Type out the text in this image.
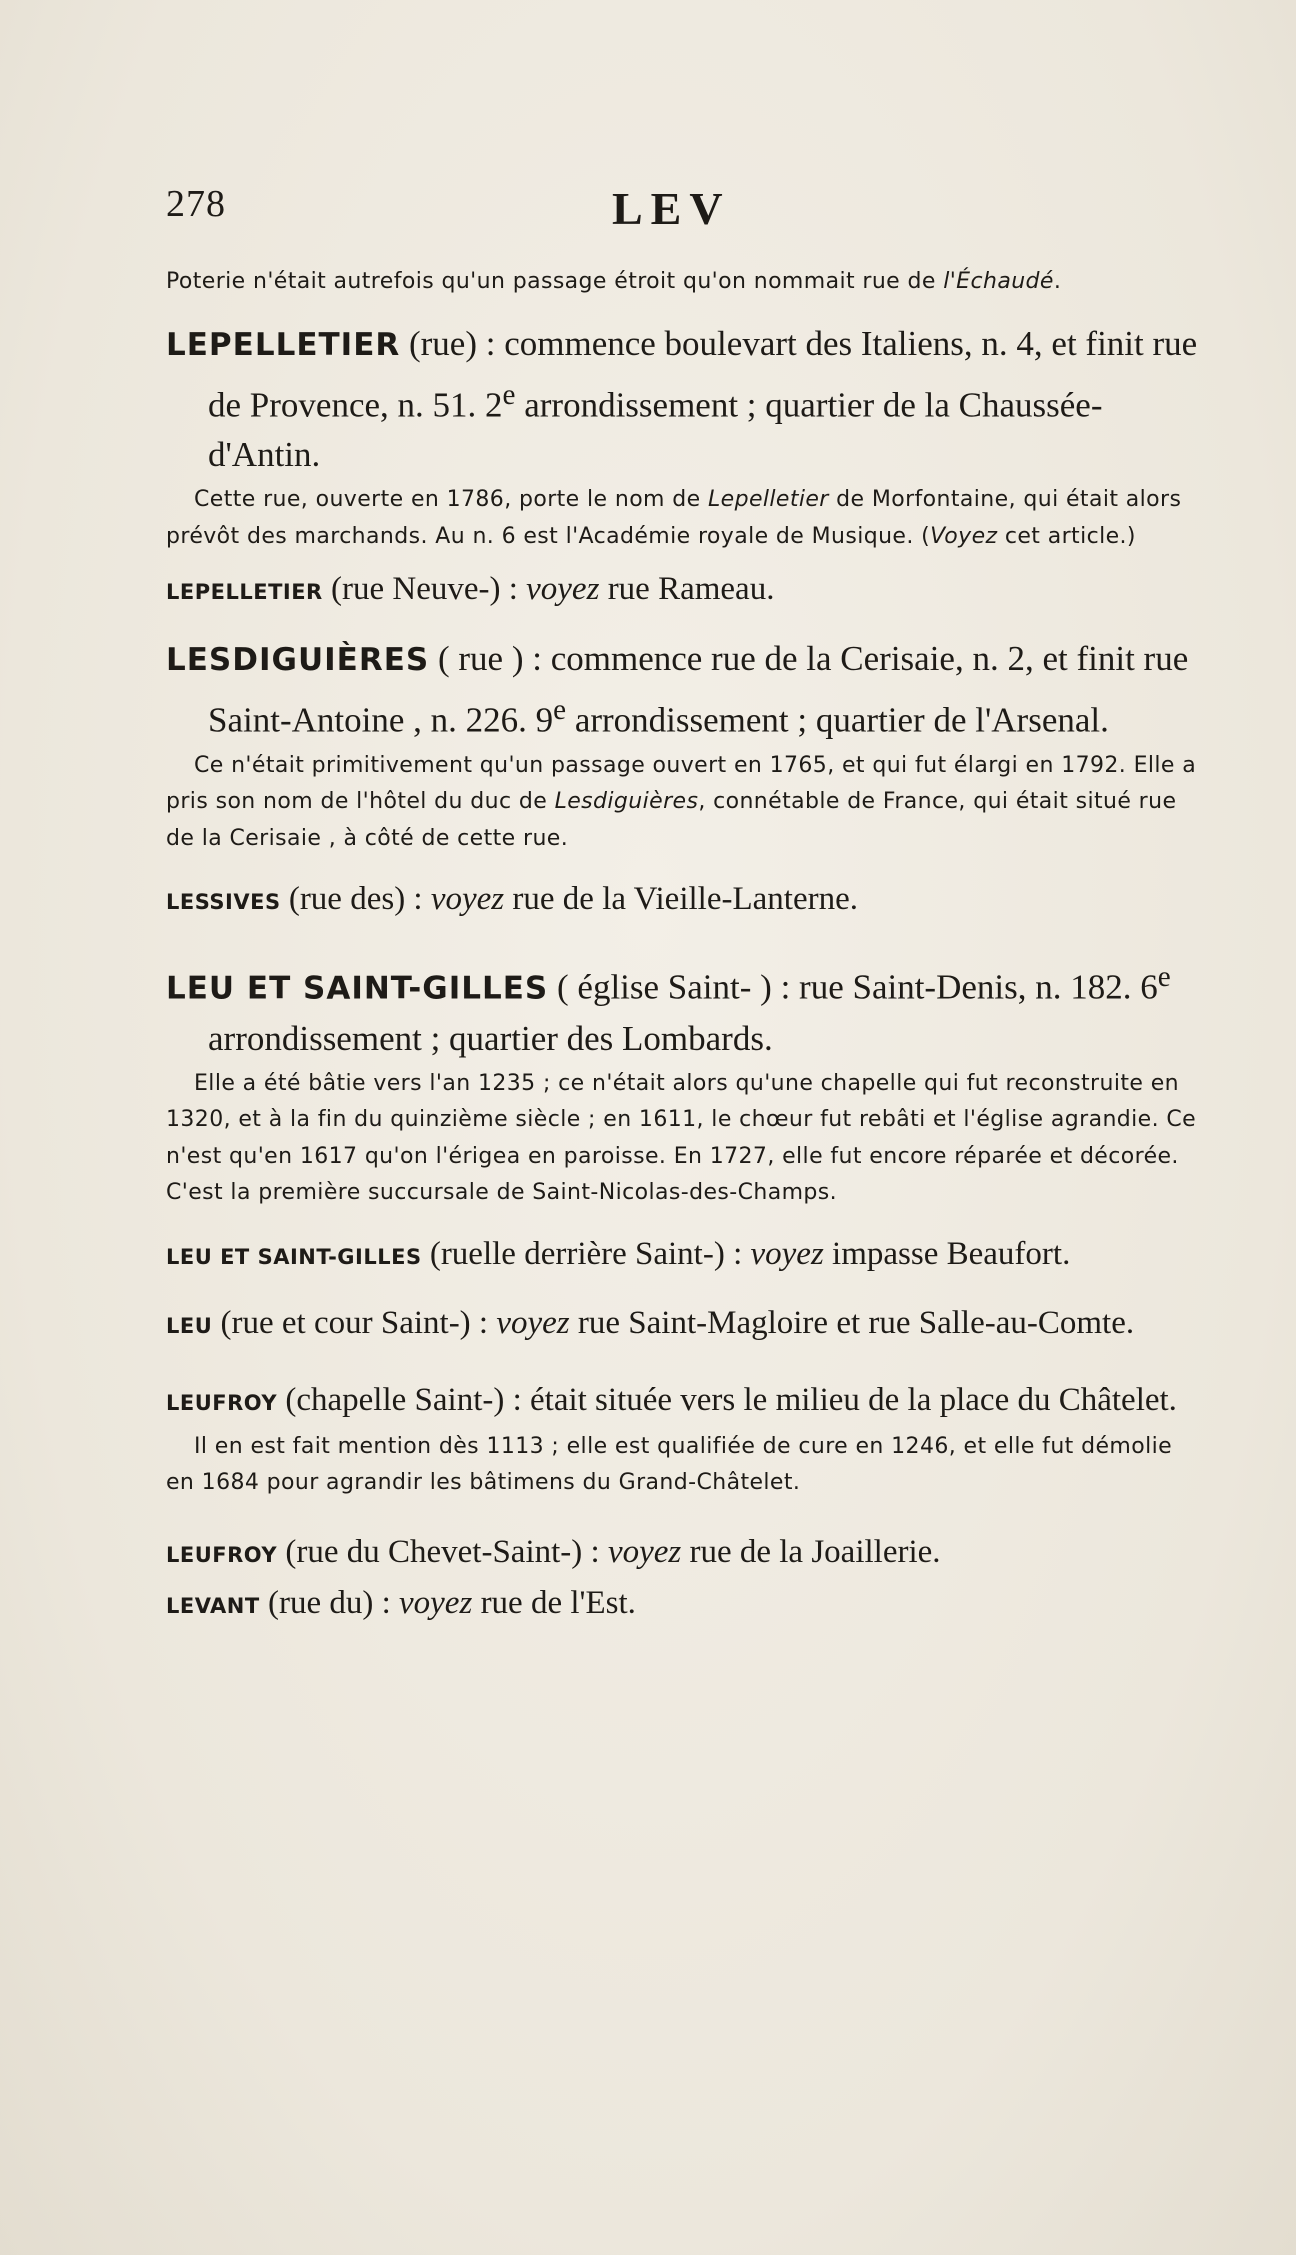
278	LEV

Poterie n'était autrefois qu'un passage étroit qu'on nommait rue de l'Échaudé.

LEPELLETIER (rue) : commence boulevart des Italiens, n. 4, et finit rue de Provence, n. 51. 2e arrondissement ; quartier de la Chaussée-d'Antin.

Cette rue, ouverte en 1786, porte le nom de Lepelletier de Morfontaine, qui était alors prévôt des marchands. Au n. 6 est l'Académie royale de Musique. (Voyez cet article.)

LEPELLETIER (rue Neuve-) : voyez rue Rameau.

LESDIGUIÈRES ( rue ) : commence rue de la Cerisaie, n. 2, et finit rue Saint-Antoine , n. 226. 9e arrondissement ; quartier de l'Arsenal.

Ce n'était primitivement qu'un passage ouvert en 1765, et qui fut élargi en 1792. Elle a pris son nom de l'hôtel du duc de Lesdiguières, connétable de France, qui était situé rue de la Cerisaie , à côté de cette rue.

LESSIVES (rue des) : voyez rue de la Vieille-Lanterne.

LEU ET SAINT-GILLES ( église Saint- ) : rue Saint-Denis, n. 182. 6e arrondissement ; quartier des Lombards.

Elle a été bâtie vers l'an 1235 ; ce n'était alors qu'une chapelle qui fut reconstruite en 1320, et à la fin du quinzième siècle ; en 1611, le chœur fut rebâti et l'église agrandie. Ce n'est qu'en 1617 qu'on l'érigea en paroisse. En 1727, elle fut encore réparée et décorée. C'est la première succursale de Saint-Nicolas-des-Champs.

LEU ET SAINT-GILLES (ruelle derrière Saint-) : voyez impasse Beaufort.

LEU (rue et cour Saint-) : voyez rue Saint-Magloire et rue Salle-au-Comte.

LEUFROY (chapelle Saint-) : était située vers le milieu de la place du Châtelet.

Il en est fait mention dès 1113 ; elle est qualifiée de cure en 1246, et elle fut démolie en 1684 pour agrandir les bâtimens du Grand-Châtelet.

LEUFROY (rue du Chevet-Saint-) : voyez rue de la Joaillerie.

LEVANT (rue du) : voyez rue de l'Est.
